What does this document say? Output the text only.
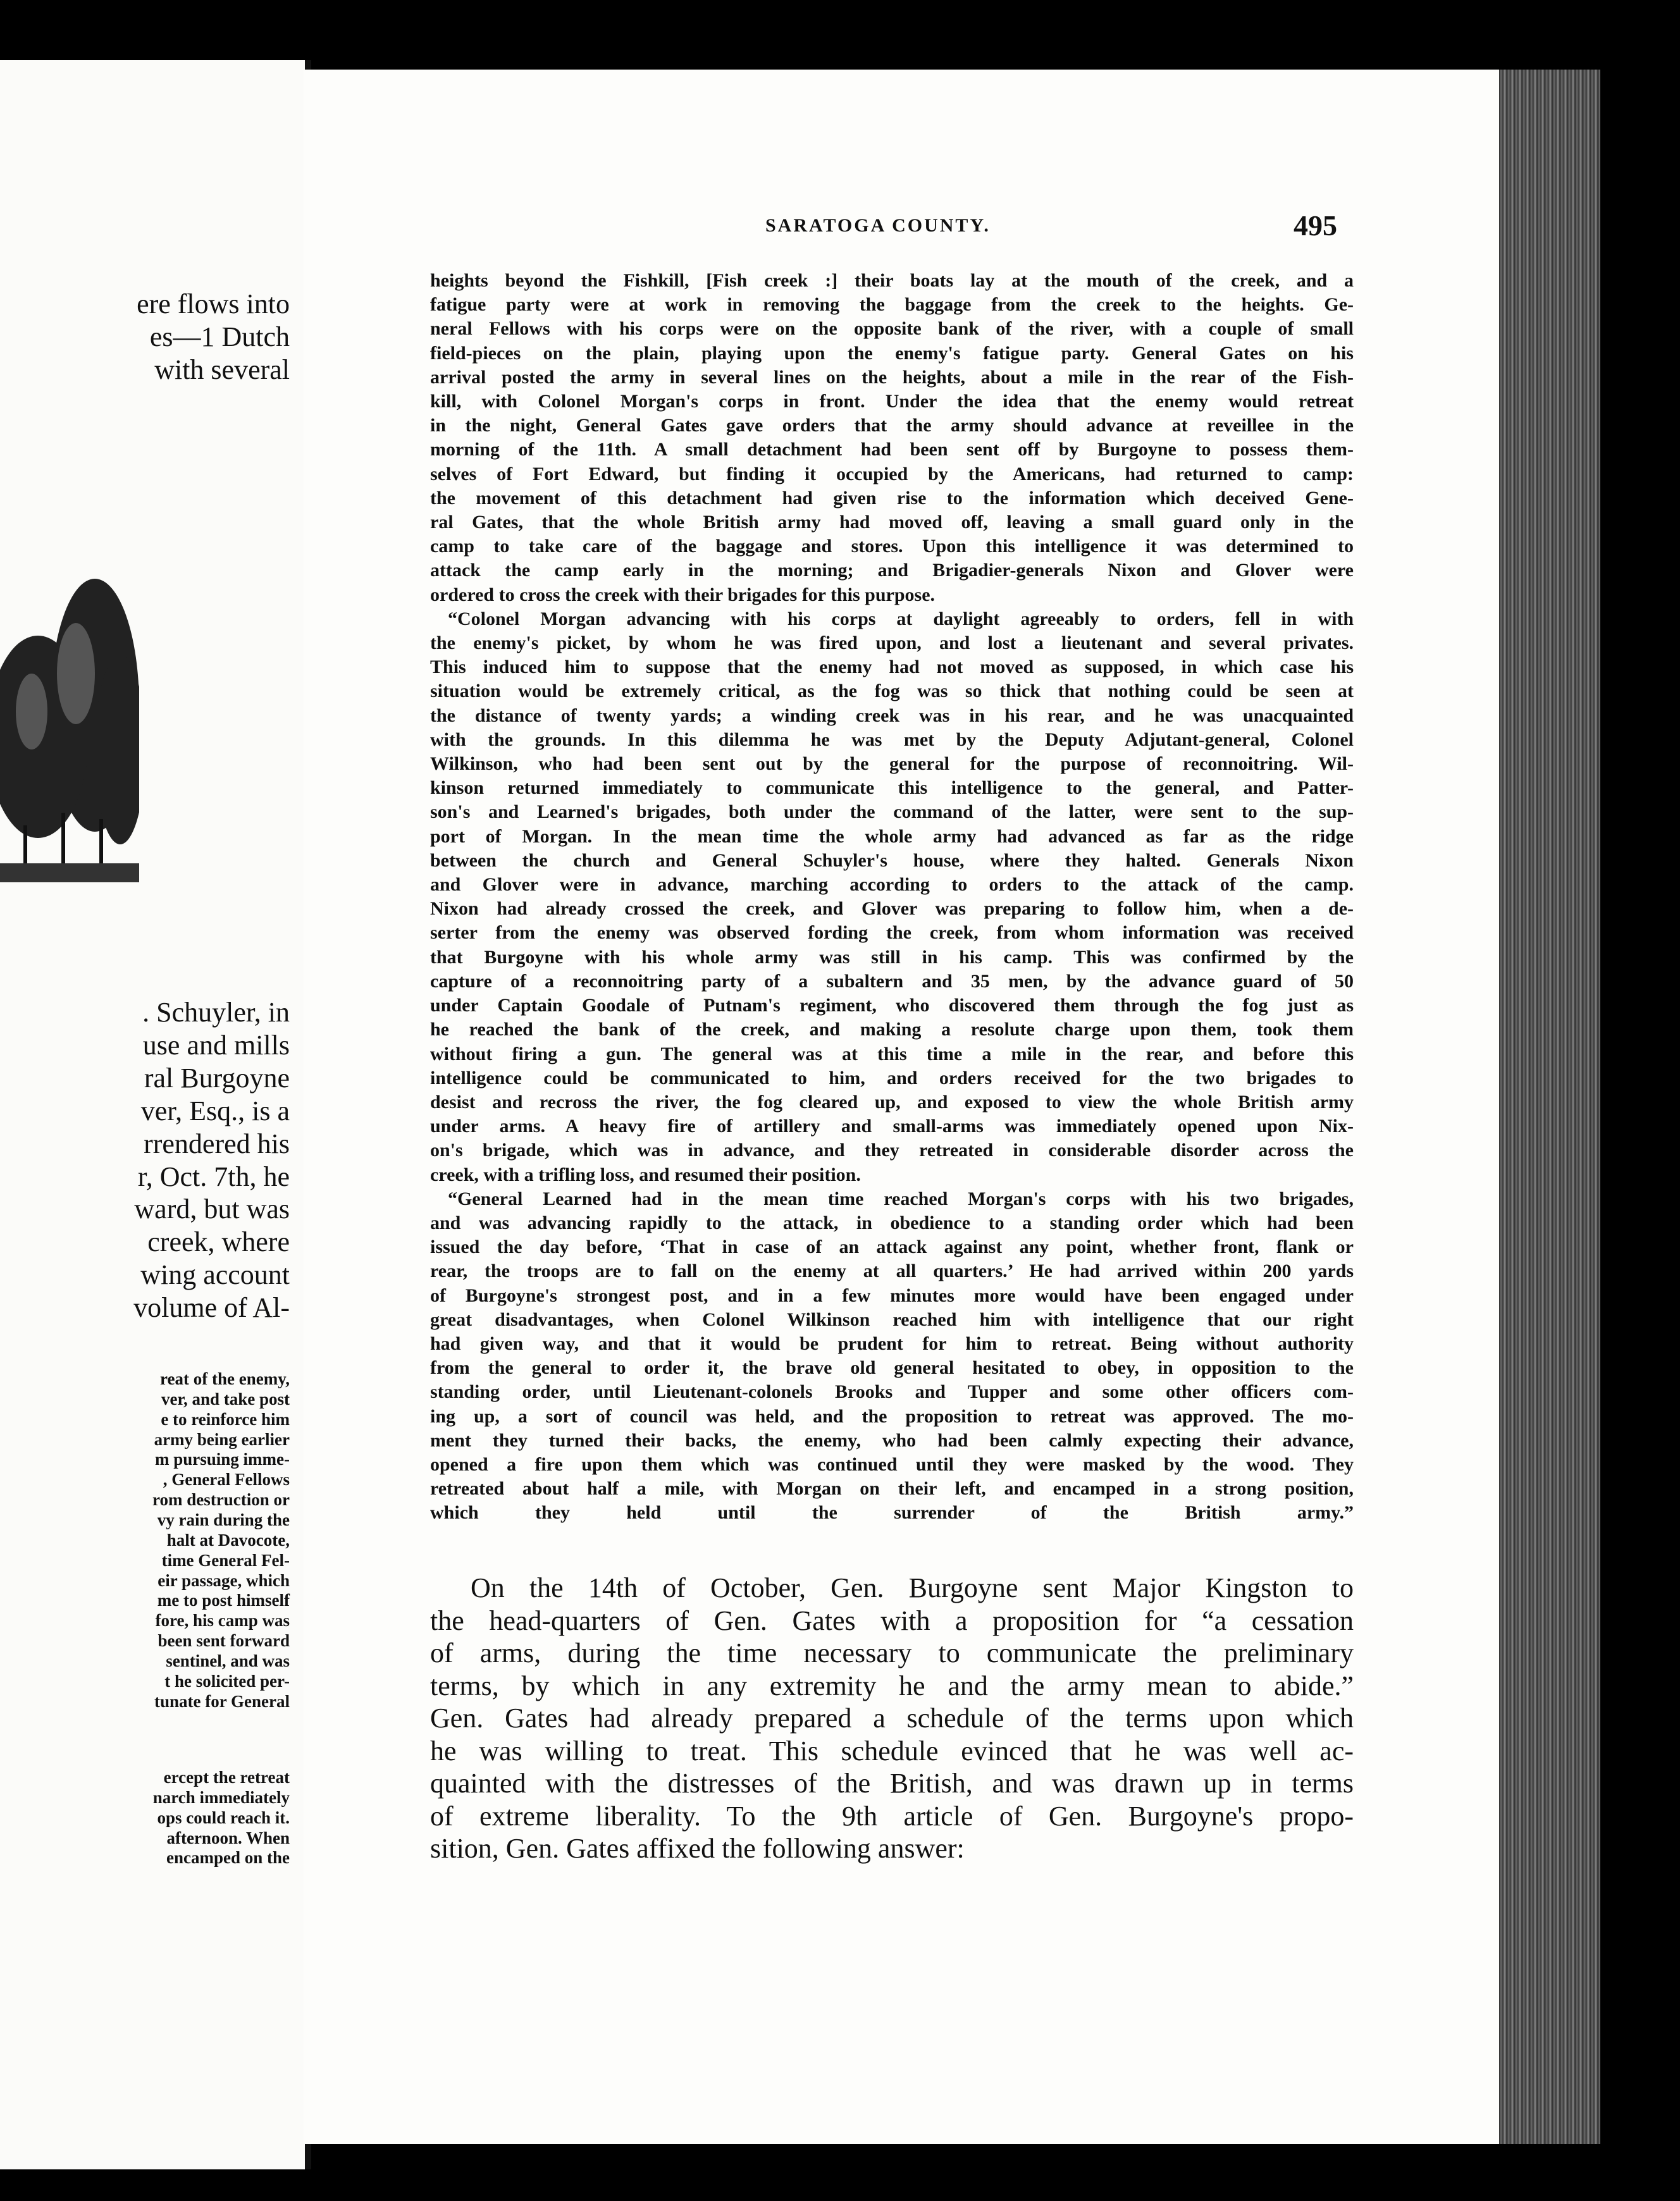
ere flows into
es—1 Dutch
with several
. Schuyler, in
use and mills
ral Burgoyne
ver, Esq., is a
rrendered his
r, Oct. 7th, he
ward, but was
creek, where
wing account
volume of Al-
reat of the enemy,
ver, and take post
e to reinforce him
army being earlier
m pursuing imme-
, General Fellows
rom destruction or
vy rain during the
halt at Davocote,
time General Fel-
eir passage, which
me to post himself
fore, his camp was
been sent forward
sentinel, and was
t he solicited per-
tunate for General
ercept the retreat
narch immediately
ops could reach it.
afternoon. When
encamped on the
SARATOGA COUNTY.	495
heights beyond the Fishkill, [Fish creek :] their boats lay at the mouth of the creek, and a
fatigue party were at work in removing the baggage from the creek to the heights. Ge-
neral Fellows with his corps were on the opposite bank of the river, with a couple of small
field-pieces on the plain, playing upon the enemy's fatigue party. General Gates on his
arrival posted the army in several lines on the heights, about a mile in the rear of the Fish-
kill, with Colonel Morgan's corps in front. Under the idea that the enemy would retreat
in the night, General Gates gave orders that the army should advance at reveillee in the
morning of the 11th. A small detachment had been sent off by Burgoyne to possess them-
selves of Fort Edward, but finding it occupied by the Americans, had returned to camp:
the movement of this detachment had given rise to the information which deceived Gene-
ral Gates, that the whole British army had moved off, leaving a small guard only in the
camp to take care of the baggage and stores. Upon this intelligence it was determined to
attack the camp early in the morning; and Brigadier-generals Nixon and Glover were
ordered to cross the creek with their brigades for this purpose.
“Colonel Morgan advancing with his corps at daylight agreeably to orders, fell in with
the enemy's picket, by whom he was fired upon, and lost a lieutenant and several privates.
This induced him to suppose that the enemy had not moved as supposed, in which case his
situation would be extremely critical, as the fog was so thick that nothing could be seen at
the distance of twenty yards; a winding creek was in his rear, and he was unacquainted
with the grounds. In this dilemma he was met by the Deputy Adjutant-general, Colonel
Wilkinson, who had been sent out by the general for the purpose of reconnoitring. Wil-
kinson returned immediately to communicate this intelligence to the general, and Patter-
son's and Learned's brigades, both under the command of the latter, were sent to the sup-
port of Morgan. In the mean time the whole army had advanced as far as the ridge
between the church and General Schuyler's house, where they halted. Generals Nixon
and Glover were in advance, marching according to orders to the attack of the camp.
Nixon had already crossed the creek, and Glover was preparing to follow him, when a de-
serter from the enemy was observed fording the creek, from whom information was received
that Burgoyne with his whole army was still in his camp. This was confirmed by the
capture of a reconnoitring party of a subaltern and 35 men, by the advance guard of 50
under Captain Goodale of Putnam's regiment, who discovered them through the fog just as
he reached the bank of the creek, and making a resolute charge upon them, took them
without firing a gun. The general was at this time a mile in the rear, and before this
intelligence could be communicated to him, and orders received for the two brigades to
desist and recross the river, the fog cleared up, and exposed to view the whole British army
under arms. A heavy fire of artillery and small-arms was immediately opened upon Nix-
on's brigade, which was in advance, and they retreated in considerable disorder across the
creek, with a trifling loss, and resumed their position.
“General Learned had in the mean time reached Morgan's corps with his two brigades,
and was advancing rapidly to the attack, in obedience to a standing order which had been
issued the day before, ‘That in case of an attack against any point, whether front, flank or
rear, the troops are to fall on the enemy at all quarters.’ He had arrived within 200 yards
of Burgoyne's strongest post, and in a few minutes more would have been engaged under
great disadvantages, when Colonel Wilkinson reached him with intelligence that our right
had given way, and that it would be prudent for him to retreat. Being without authority
from the general to order it, the brave old general hesitated to obey, in opposition to the
standing order, until Lieutenant-colonels Brooks and Tupper and some other officers com-
ing up, a sort of council was held, and the proposition to retreat was approved. The mo-
ment they turned their backs, the enemy, who had been calmly expecting their advance,
opened a fire upon them which was continued until they were masked by the wood. They
retreated about half a mile, with Morgan on their left, and encamped in a strong position,
which they held until the surrender of the British army.”
On the 14th of October, Gen. Burgoyne sent Major Kingston to
the head-quarters of Gen. Gates with a proposition for “a cessation
of arms, during the time necessary to communicate the preliminary
terms, by which in any extremity he and the army mean to abide.”
Gen. Gates had already prepared a schedule of the terms upon which
he was willing to treat. This schedule evinced that he was well ac-
quainted with the distresses of the British, and was drawn up in terms
of extreme liberality. To the 9th article of Gen. Burgoyne's propo-
sition, Gen. Gates affixed the following answer:
